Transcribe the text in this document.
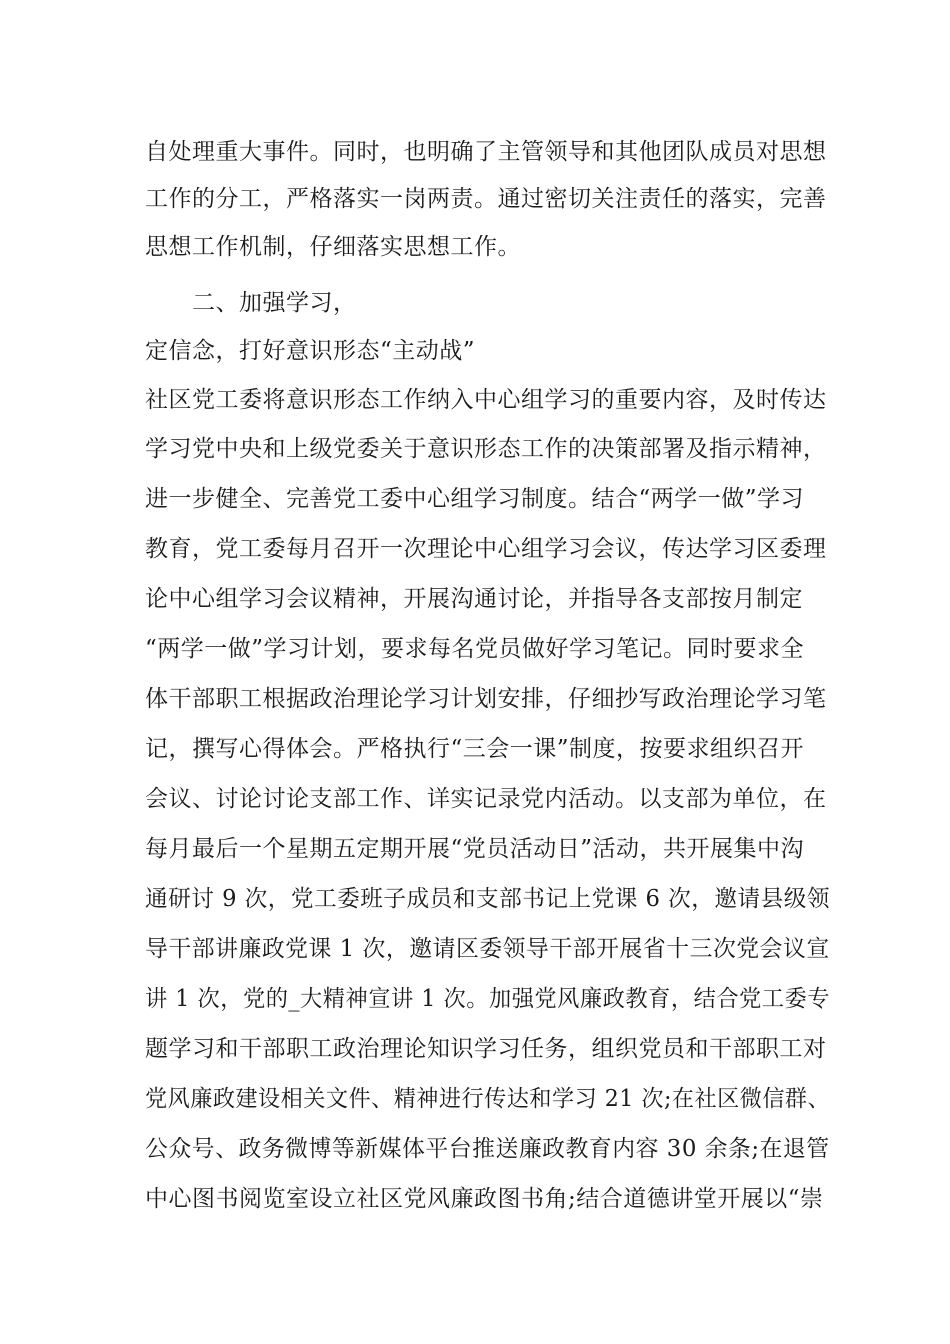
自处理重大事件。同时，也明确了主管领导和其他团队成员对思想
工作的分工，严格落实一岗两责。通过密切关注责任的落实，完善
思想工作机制，仔细落实思想工作。
二、加强学习，
定信念，打好意识形态“主动战”
社区党工委将意识形态工作纳入中心组学习的重要内容，及时传达
学习党中央和上级党委关于意识形态工作的决策部署及指示精神，
进一步健全、完善党工委中心组学习制度。结合“两学一做”学习
教育，党工委每月召开一次理论中心组学习会议，传达学习区委理
论中心组学习会议精神，开展沟通讨论，并指导各支部按月制定
“两学一做”学习计划，要求每名党员做好学习笔记。同时要求全
体干部职工根据政治理论学习计划安排，仔细抄写政治理论学习笔
记，撰写心得体会。严格执行“三会一课”制度，按要求组织召开
会议、讨论讨论支部工作、详实记录党内活动。以支部为单位，在
每月最后一个星期五定期开展“党员活动日”活动，共开展集中沟
通研讨 9 次，党工委班子成员和支部书记上党课 6 次，邀请县级领
导干部讲廉政党课 1 次，邀请区委领导干部开展省十三次党会议宣
讲 1 次，党的_大精神宣讲 1 次。加强党风廉政教育，结合党工委专
题学习和干部职工政治理论知识学习任务，组织党员和干部职工对
党风廉政建设相关文件、精神进行传达和学习 21 次;在社区微信群、
公众号、政务微博等新媒体平台推送廉政教育内容 30 余条;在退管
中心图书阅览室设立社区党风廉政图书角;结合道德讲堂开展以“崇
